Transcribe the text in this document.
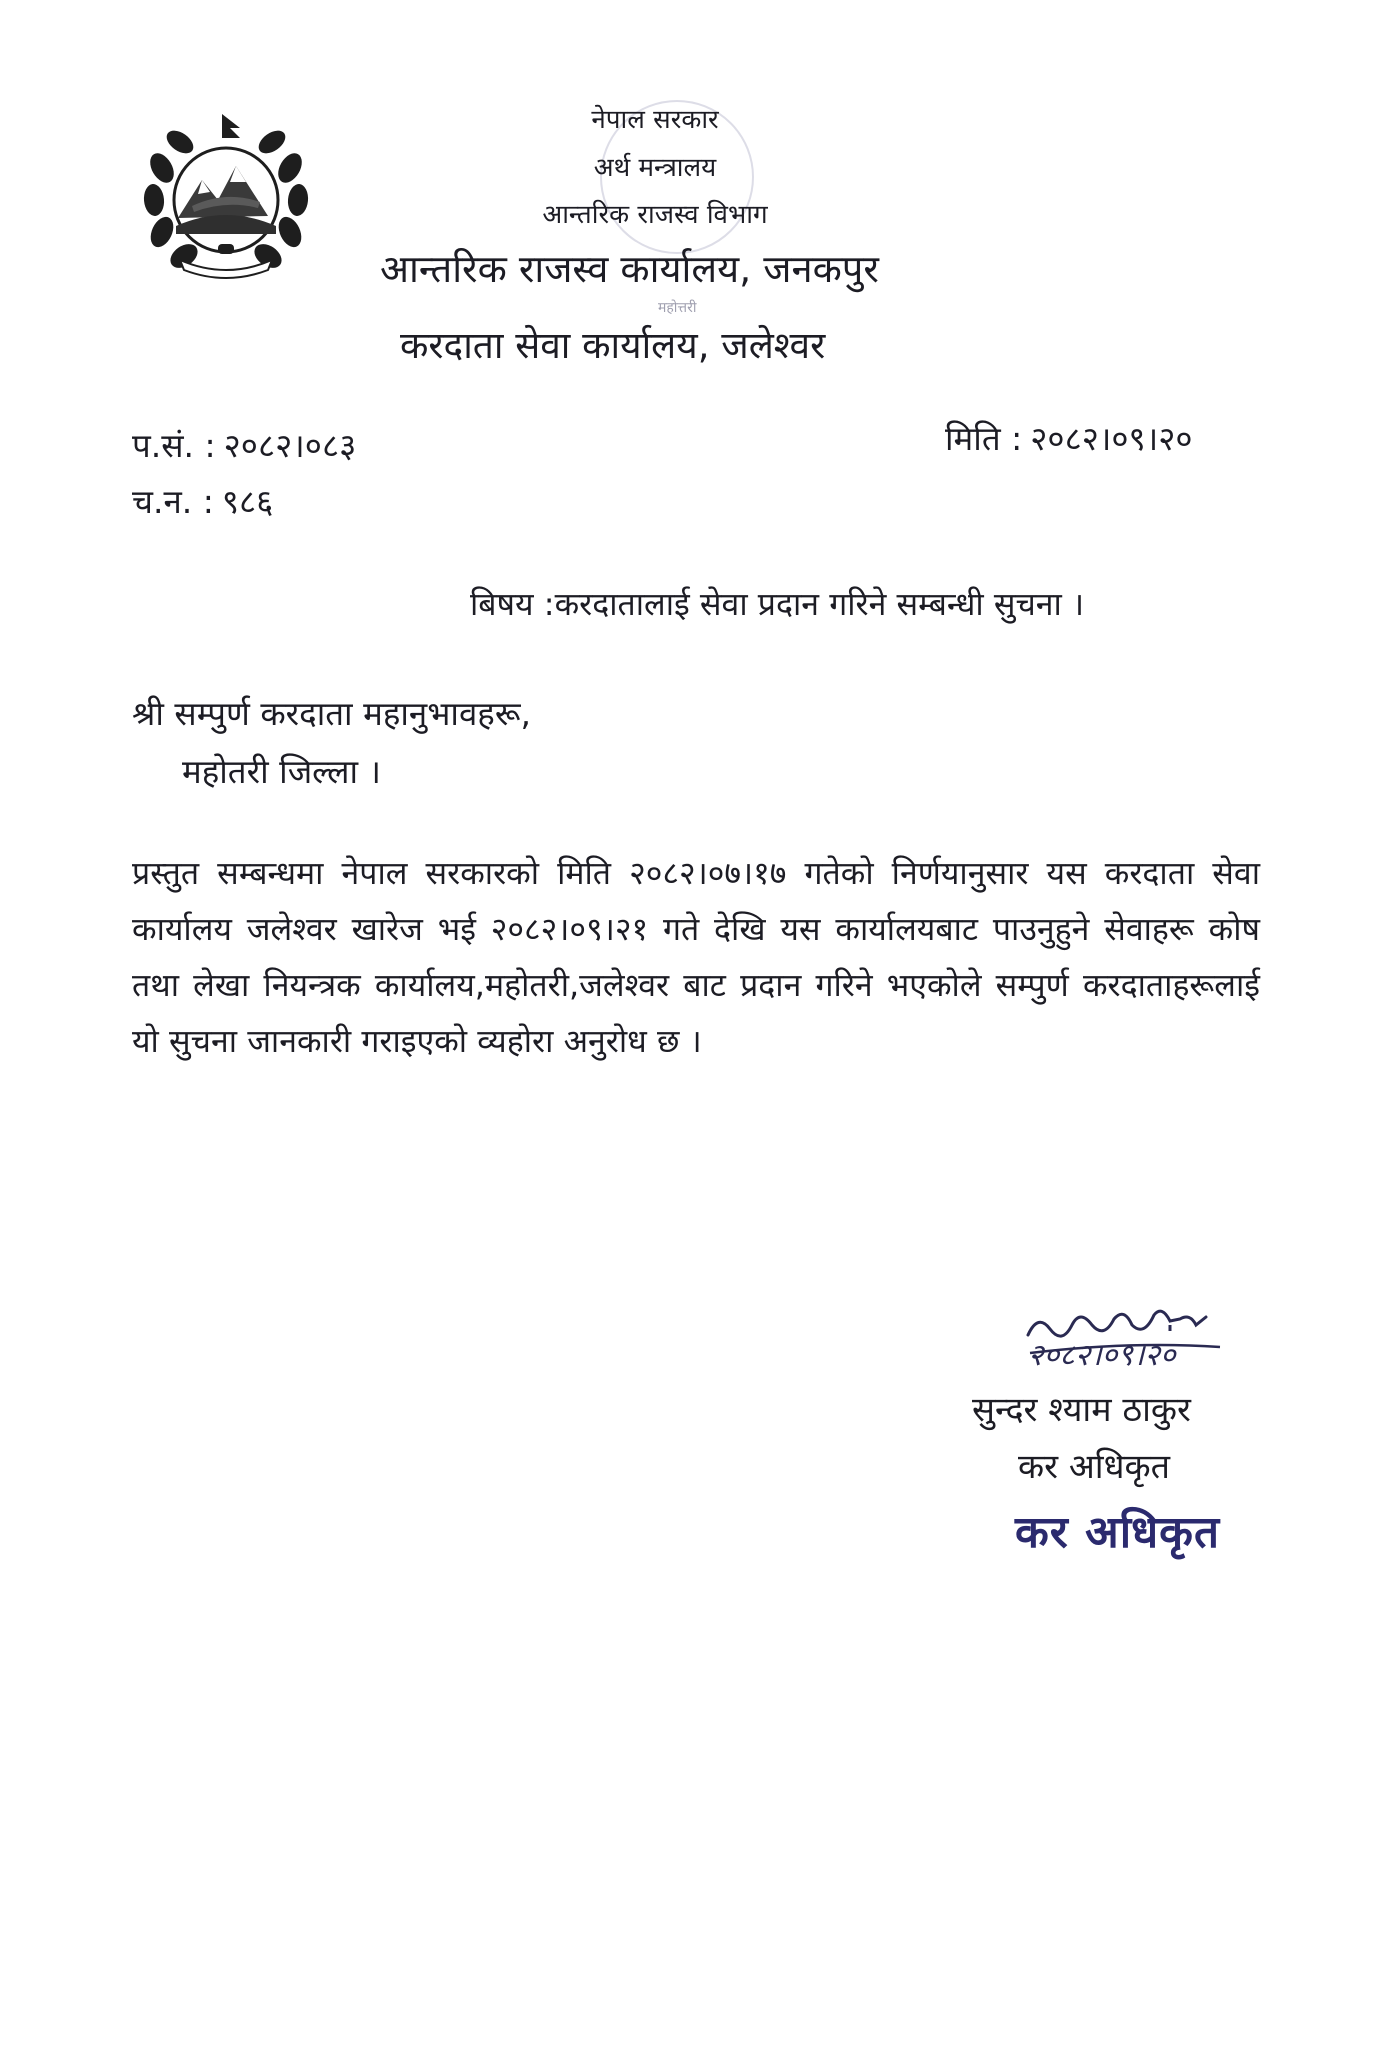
महोत्तरी
नेपाल सरकार
अर्थ मन्त्रालय
आन्तरिक राजस्व विभाग
आन्तरिक राजस्व कार्यालय, जनकपुर
करदाता सेवा कार्यालय, जलेश्वर
प.सं. : २०८२।०८३
च.न. : ९८६
मिति : २०८२।०९।२०
बिषय :करदातालाई सेवा प्रदान गरिने सम्बन्धी सुचना ।
श्री सम्पुर्ण करदाता महानुभावहरू,
महोतरी जिल्ला ।
प्रस्तुत सम्बन्धमा नेपाल सरकारको मिति २०८२।०७।१७ गतेको निर्णयानुसार यस करदाता सेवा कार्यालय जलेश्वर खारेज भई २०८२।०९।२१ गते देखि यस कार्यालयबाट पाउनुहुने सेवाहरू कोष तथा लेखा नियन्त्रक कार्यालय,महोतरी,जलेश्वर बाट प्रदान गरिने भएकोले सम्पुर्ण करदाताहरूलाई यो सुचना जानकारी गराइएको व्यहोरा अनुरोध छ ।
२०८२।०९।२०
सुन्दर श्याम ठाकुर
कर अधिकृत
कर अधिकृत
